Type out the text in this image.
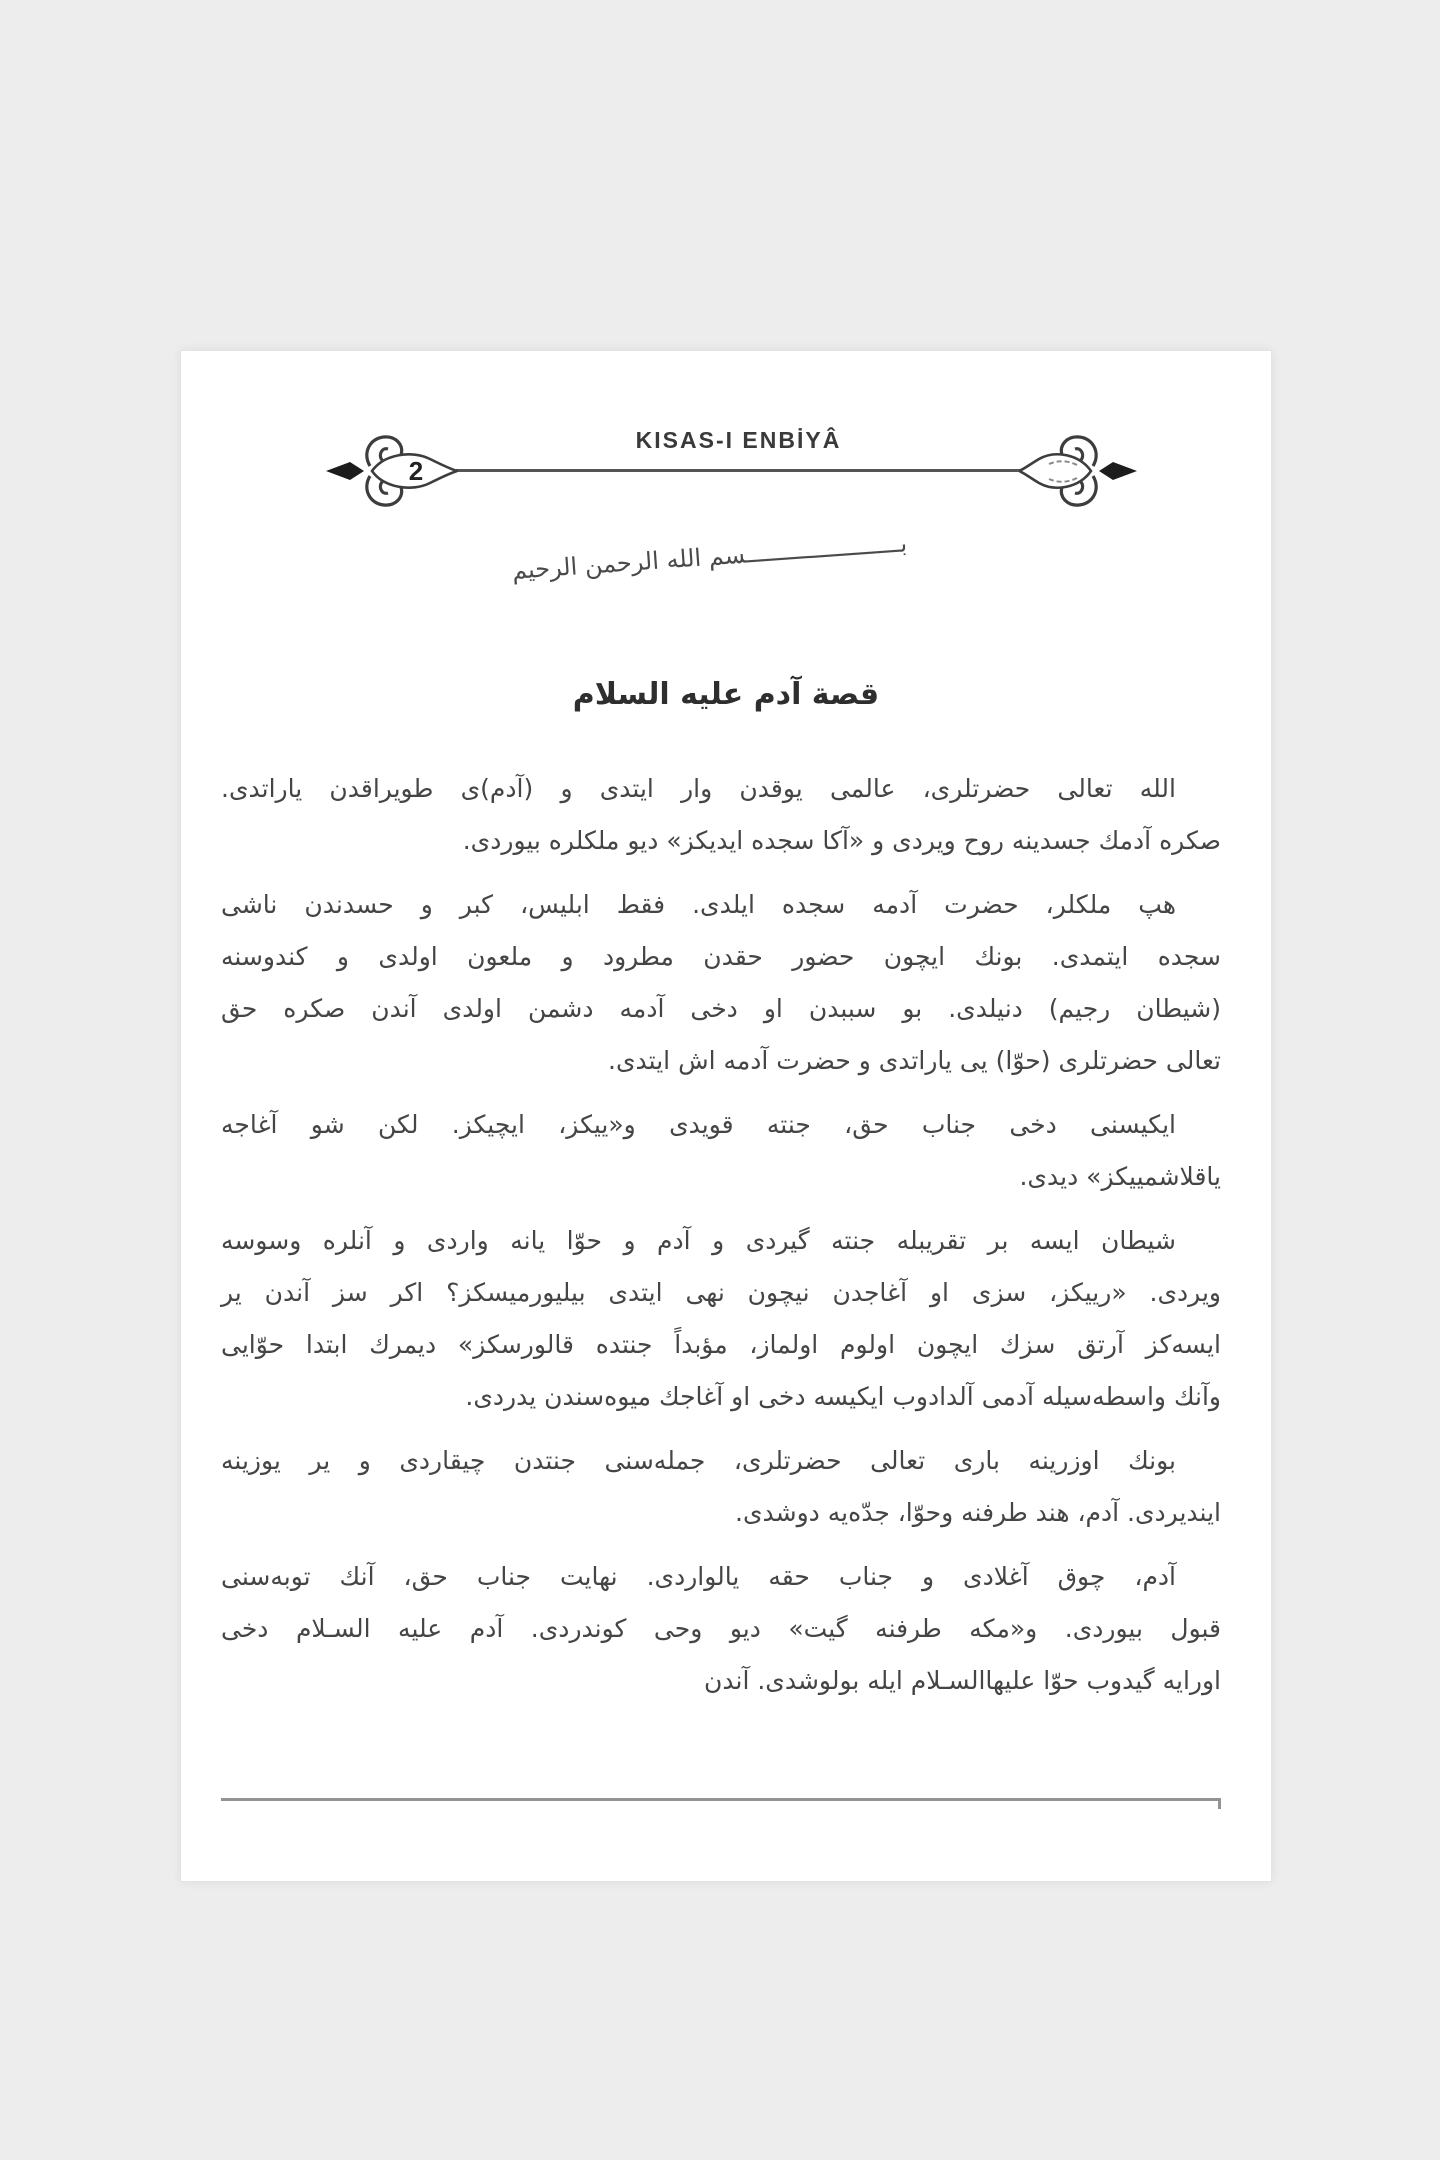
KISAS-I ENBİYÂ
2
بــــــــــــــــــــــسم الله الرحمن الرحيم
قصة آدم عليه السلام

الله تعالى حضرتلرى، عالمى يوقدن وار ايتدى و (آدم)ى طويراقدن ياراتدى.
صكره آدمك جسدينه روح ويردى و «آكا سجده ايديكز» ديو ملكلره بيوردى.

هپ ملكلر، حضرت آدمه سجده ايلدى. فقط ابليس، كبر و حسدندن ناشى
سجده ايتمدى. بونك ايچون حضور حقدن مطرود و ملعون اولدى و كندوسنه
(شيطان رجيم) دنيلدى. بو سببدن او دخى آدمه دشمن اولدى آندن صكره حق
تعالى حضرتلرى (حوّا) يى ياراتدى و حضرت آدمه اش ايتدى.

ايكيسنى دخى جناب حق، جنته قويدى و«ييكز، ايچيكز. لكن شو آغاجه
ياقلاشمييكز» ديدى.

شيطان ايسه بر تقريبله جنته گيردى و آدم و حوّا يانه واردى و آنلره وسوسه
ويردى. «رييكز، سزى او آغاجدن نيچون نهى ايتدى بيليورميسكز؟ اكر سز آندن ير
ايسه‌كز آرتق سزك ايچون اولوم اولماز، مؤبداً جنتده قالورسكز» ديمرك ابتدا حوّايى
وآنك واسطه‌سيله آدمى آلدادوب ايكيسه دخى او آغاجك ميوه‌سندن يدردى.

بونك اوزرينه بارى تعالى حضرتلرى، جمله‌سنى جنتدن چيقاردى و ير يوزينه
اينديردى. آدم، هند طرفنه وحوّا، جدّه‌يه دوشدى.

آدم، چوق آغلادى و جناب حقه يالواردى. نهايت جناب حق، آنك توبه‌سنى
قبول بيوردى. و«مكه طرفنه گيت» ديو وحى كوندردى. آدم عليه السـلام دخى
اورايه گيدوب حوّا عليهاالسـلام ايله بولوشدى. آندن
